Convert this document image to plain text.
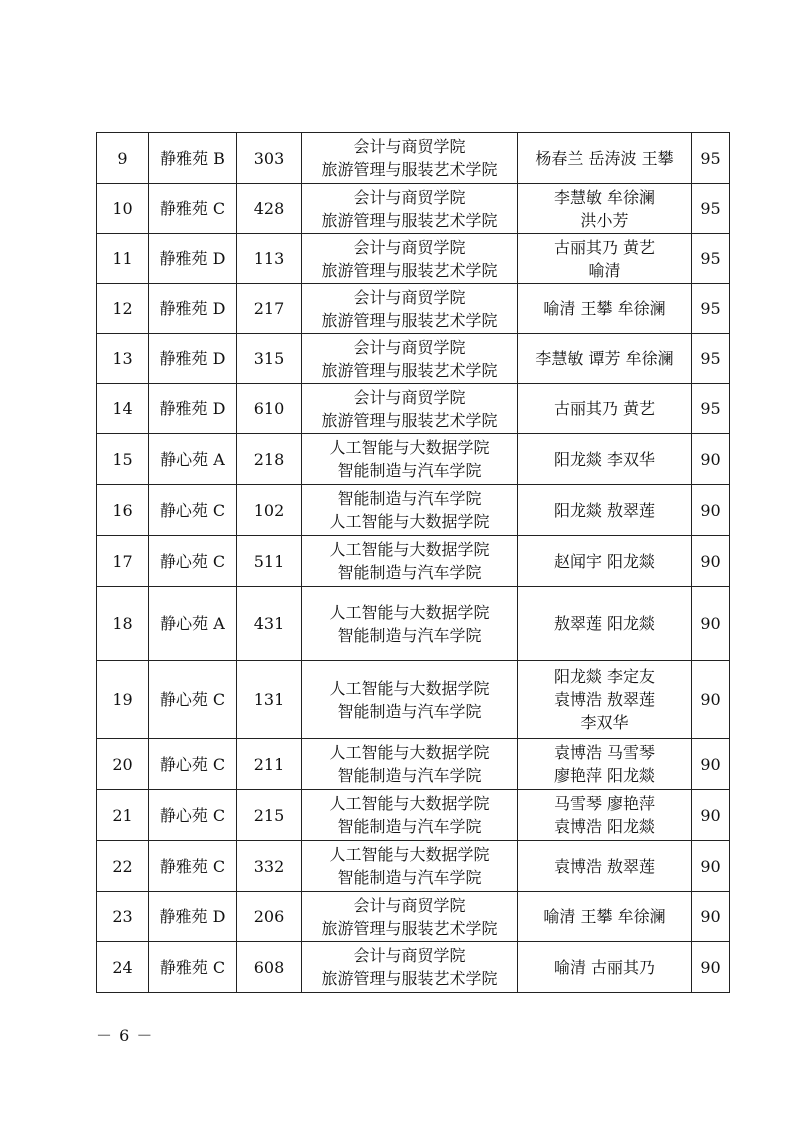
9	静雅苑 B	303	会计与商贸学院
旅游管理与服装艺术学院	杨春兰 岳涛波 王攀	95
10	静雅苑 C	428	会计与商贸学院
旅游管理与服装艺术学院	李慧敏 牟徐澜
洪小芳	95
11	静雅苑 D	113	会计与商贸学院
旅游管理与服装艺术学院	古丽其乃 黄艺
喻清	95
12	静雅苑 D	217	会计与商贸学院
旅游管理与服装艺术学院	喻清 王攀 牟徐澜	95
13	静雅苑 D	315	会计与商贸学院
旅游管理与服装艺术学院	李慧敏 谭芳 牟徐澜	95
14	静雅苑 D	610	会计与商贸学院
旅游管理与服装艺术学院	古丽其乃 黄艺	95
15	静心苑 A	218	人工智能与大数据学院
智能制造与汽车学院	阳龙燚 李双华	90
16	静心苑 C	102	智能制造与汽车学院
人工智能与大数据学院	阳龙燚 敖翠莲	90
17	静心苑 C	511	人工智能与大数据学院
智能制造与汽车学院	赵闻宇 阳龙燚	90
18	静心苑 A	431	人工智能与大数据学院
智能制造与汽车学院	敖翠莲 阳龙燚	90
19	静心苑 C	131	人工智能与大数据学院
智能制造与汽车学院	阳龙燚 李定友
袁博浩 敖翠莲
李双华	90
20	静心苑 C	211	人工智能与大数据学院
智能制造与汽车学院	袁博浩 马雪琴
廖艳萍 阳龙燚	90
21	静心苑 C	215	人工智能与大数据学院
智能制造与汽车学院	马雪琴 廖艳萍
袁博浩 阳龙燚	90
22	静雅苑 C	332	人工智能与大数据学院
智能制造与汽车学院	袁博浩 敖翠莲	90
23	静雅苑 D	206	会计与商贸学院
旅游管理与服装艺术学院	喻清 王攀 牟徐澜	90
24	静雅苑 C	608	会计与商贸学院
旅游管理与服装艺术学院	喻清 古丽其乃	90
－ 6 －
